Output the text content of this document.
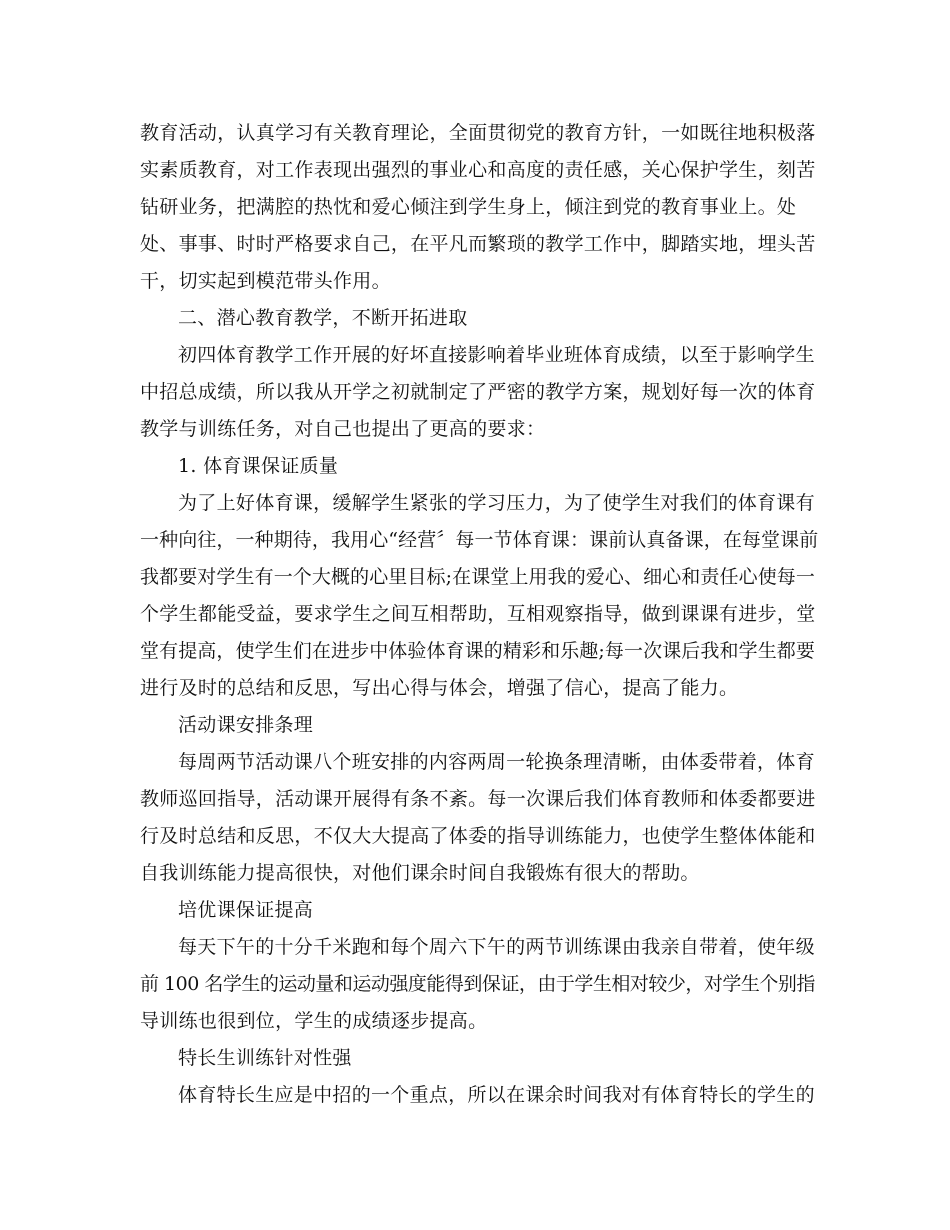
教育活动，认真学习有关教育理论，全面贯彻党的教育方针，一如既往地积极落
实素质教育，对工作表现出强烈的事业心和高度的责任感，关心保护学生，刻苦
钻研业务，把满腔的热忱和爱心倾注到学生身上，倾注到党的教育事业上。处
处、事事、时时严格要求自己，在平凡而繁琐的教学工作中，脚踏实地，埋头苦
干，切实起到模范带头作用。
二、潜心教育教学，不断开拓进取
初四体育教学工作开展的好坏直接影响着毕业班体育成绩，以至于影响学生
中招总成绩，所以我从开学之初就制定了严密的教学方案，规划好每一次的体育
教学与训练任务，对自己也提出了更高的要求：
1. 体育课保证质量
为了上好体育课，缓解学生紧张的学习压力，为了使学生对我们的体育课有
一种向往，一种期待，我用心“经营〞每一节体育课：课前认真备课，在每堂课前
我都要对学生有一个大概的心里目标;在课堂上用我的爱心、细心和责任心使每一
个学生都能受益，要求学生之间互相帮助，互相观察指导，做到课课有进步，堂
堂有提高，使学生们在进步中体验体育课的精彩和乐趣;每一次课后我和学生都要
进行及时的总结和反思，写出心得与体会，增强了信心，提高了能力。
活动课安排条理
每周两节活动课八个班安排的内容两周一轮换条理清晰，由体委带着，体育
教师巡回指导，活动课开展得有条不紊。每一次课后我们体育教师和体委都要进
行及时总结和反思，不仅大大提高了体委的指导训练能力，也使学生整体体能和
自我训练能力提高很快，对他们课余时间自我锻炼有很大的帮助。
培优课保证提高
每天下午的十分千米跑和每个周六下午的两节训练课由我亲自带着，使年级
前 100 名学生的运动量和运动强度能得到保证，由于学生相对较少，对学生个别指
导训练也很到位，学生的成绩逐步提高。
特长生训练针对性强
体育特长生应是中招的一个重点，所以在课余时间我对有体育特长的学生的
